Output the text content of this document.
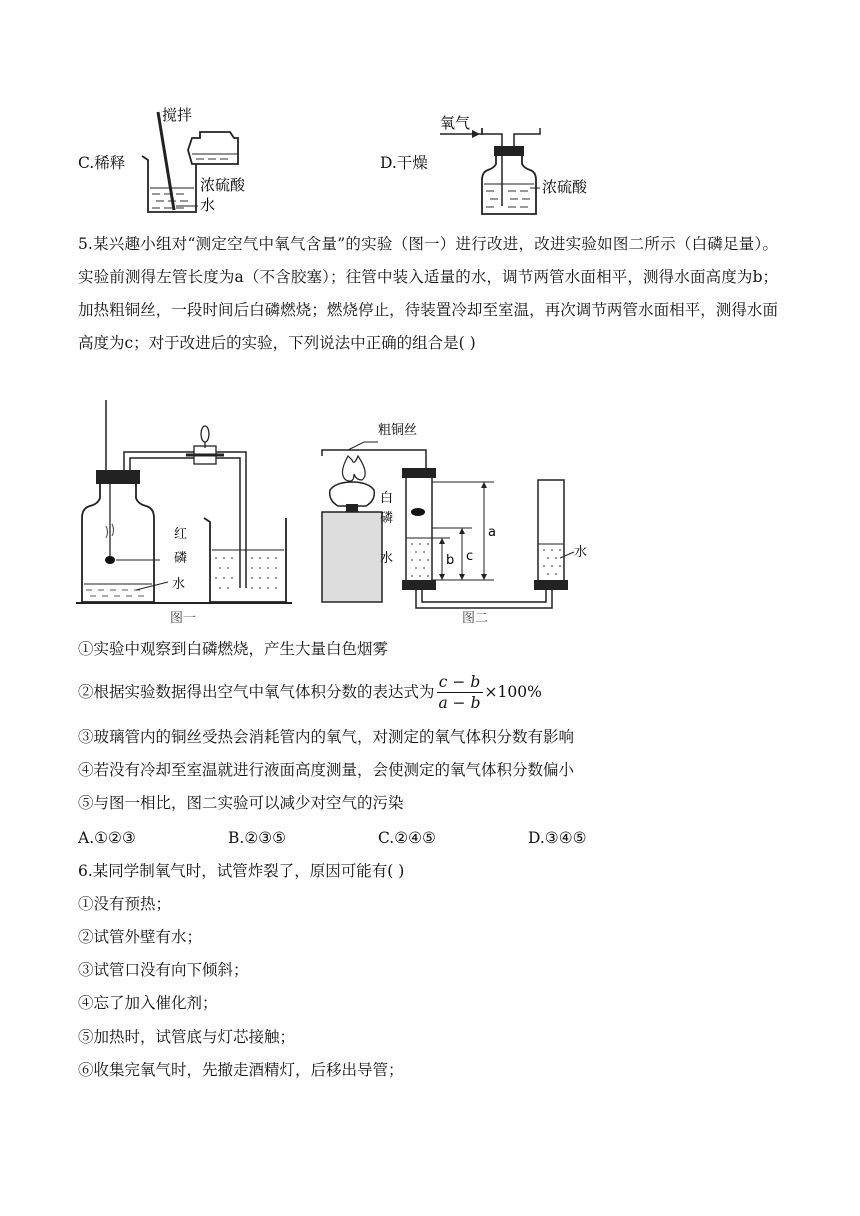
C.稀释
搅拌
浓硫酸
水
D.干燥
氧气
浓硫酸
5.某兴趣小组对“测定空气中氧气含量”的实验（图一）进行改进，改进实验如图二所示（白磷足量）。实验前测得左管长度为a（不含胶塞）；往管中装入适量的水，调节两管水面相平，测得水面高度为b；加热粗铜丝，一段时间后白磷燃烧；燃烧停止，待装置冷却至室温，再次调节两管水面相平，测得水面高度为c；对于改进后的实验，下列说法中正确的组合是( )
红
磷
水
图一
粗铜丝
白
磷
水	水
b c
a
图二
①实验中观察到白磷燃烧，产生大量白色烟雾
②根据实验数据得出空气中氧气体积分数的表达式为 $\frac{c - b}{a - b} \times 100\%$
③玻璃管内的铜丝受热会消耗管内的氧气，对测定的氧气体积分数有影响
④若没有冷却至室温就进行液面高度测量，会使测定的氧气体积分数偏小
⑤与图一相比，图二实验可以减少对空气的污染
A.①②③	B.②③⑤	C.②④⑤	D.③④⑤
6.某同学制氧气时，试管炸裂了，原因可能有( )
①没有预热；
②试管外壁有水；
③试管口没有向下倾斜；
④忘了加入催化剂；
⑤加热时，试管底与灯芯接触；
⑥收集完氧气时，先撤走酒精灯，后移出导管；
